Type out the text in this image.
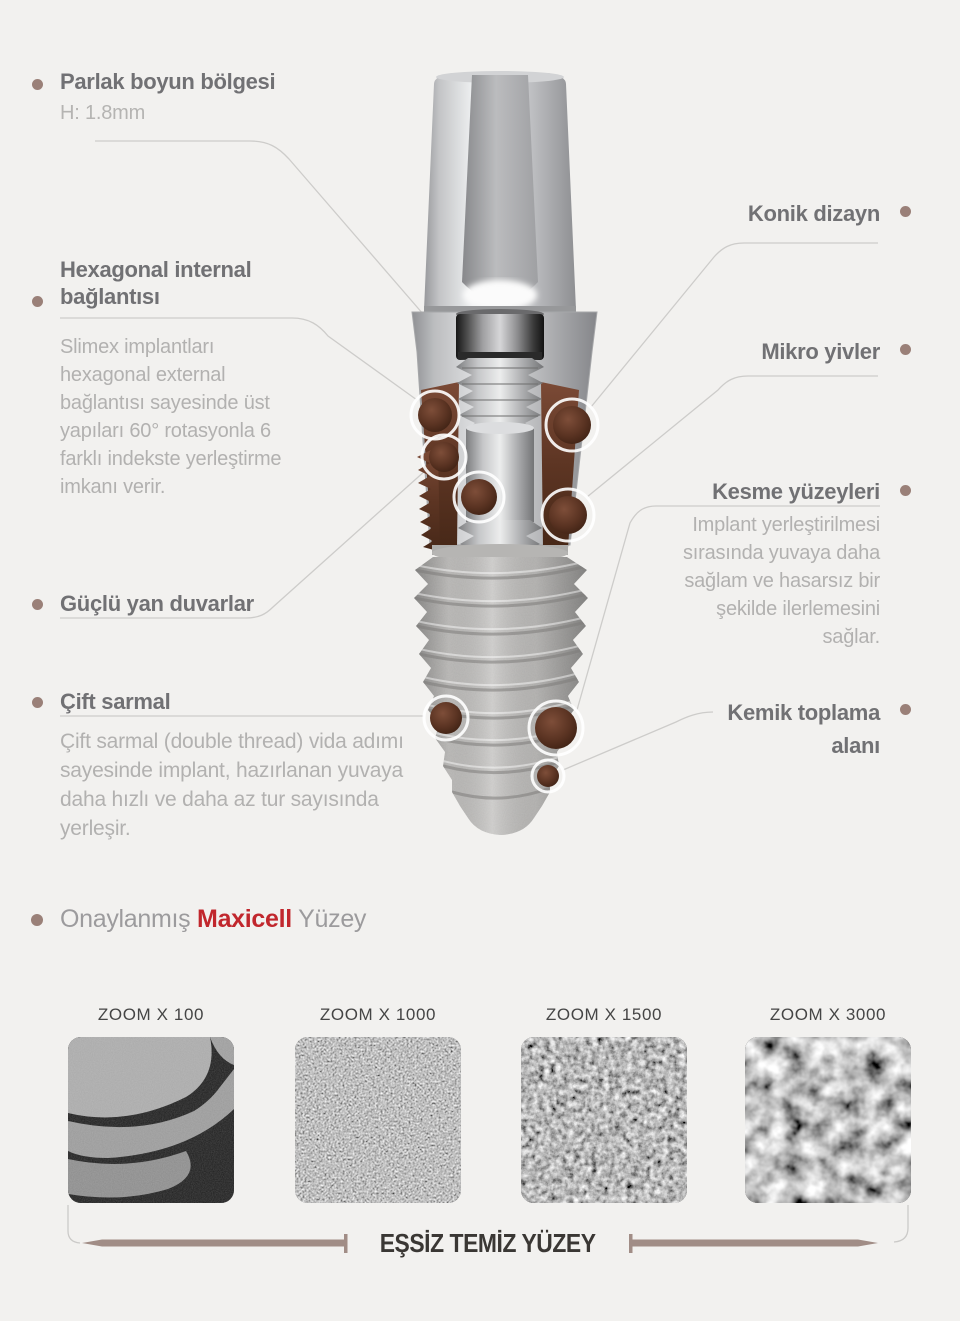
Parlak boyun bölgesi
H: 1.8mm
Hexagonal internal bağlantısı
Slimex implantları hexagonal external bağlantısı sayesinde üst yapıları 60° rotasyonla 6 farklı indekste yerleştirme imkanı verir.
Güçlü yan duvarlar
Çift sarmal
Çift sarmal (double thread) vida adımı sayesinde implant, hazırlanan yuvaya daha hızlı ve daha az tur sayısında yerleşir.
Konik dizayn
Mikro yivler
Kesme yüzeyleri
Implant yerleştirilmesi sırasında yuvaya daha sağlam ve hasarsız bir şekilde ilerlemesini sağlar.
Kemik toplama alanı
Onaylanmış Maxicell Yüzey
ZOOM X 100	ZOOM X 1000	ZOOM X 1500	ZOOM X 3000
EŞSİZ TEMİZ YÜZEY
